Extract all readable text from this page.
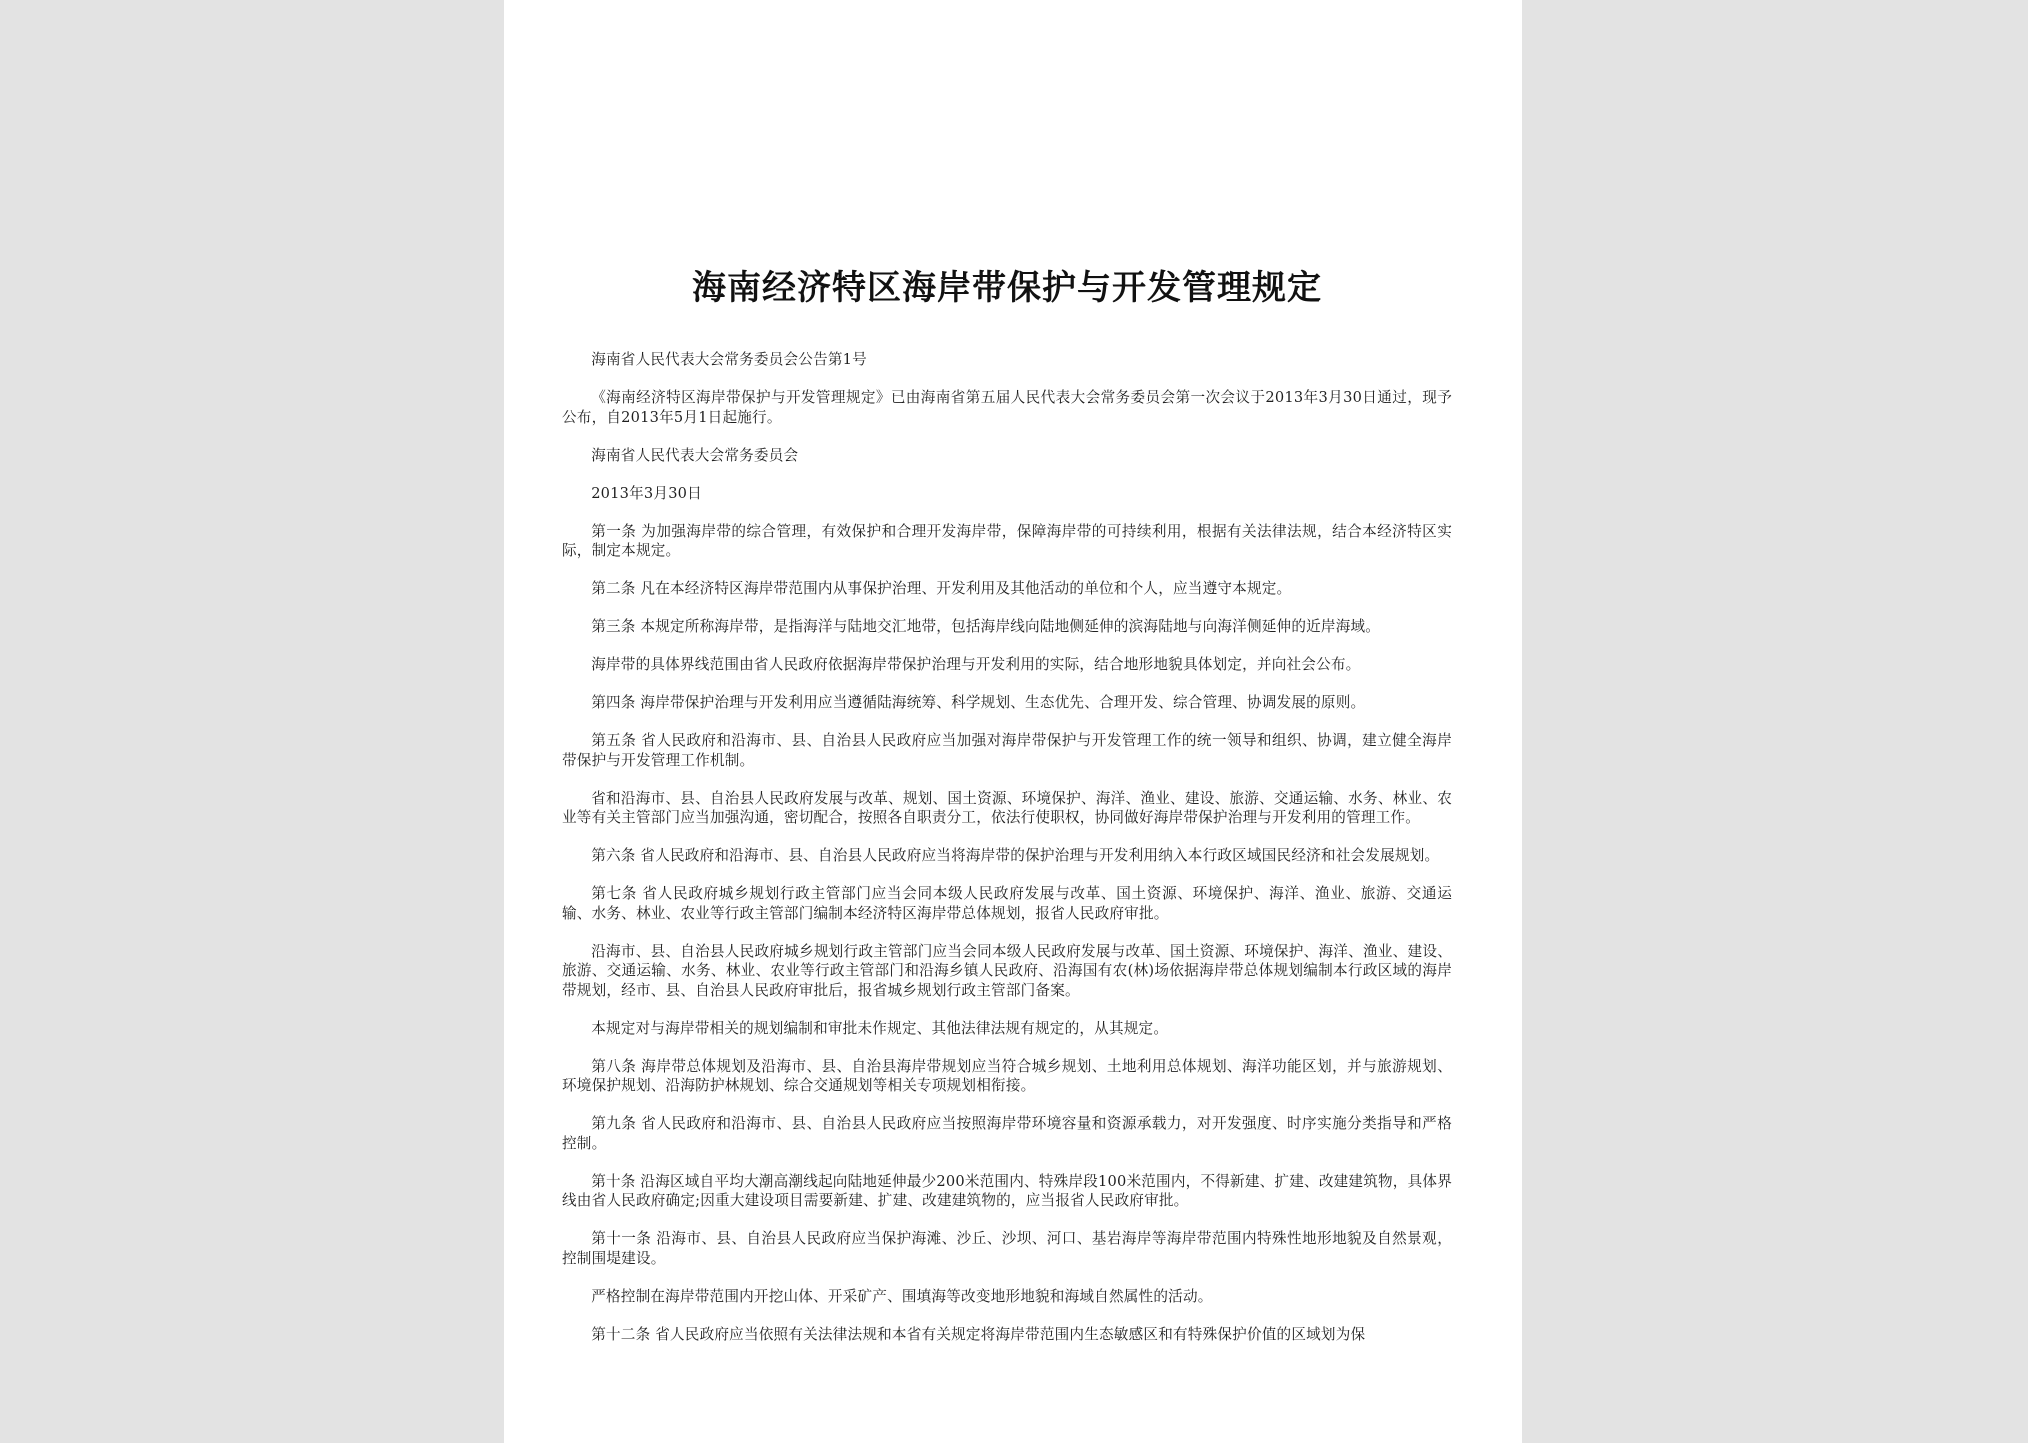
海南经济特区海岸带保护与开发管理规定

海南省人民代表大会常务委员会公告第1号

《海南经济特区海岸带保护与开发管理规定》已由海南省第五届人民代表大会常务委员会第一次会议于2013年3月30日通过，现予公布，自2013年5月1日起施行。

海南省人民代表大会常务委员会

2013年3月30日

第一条 为加强海岸带的综合管理，有效保护和合理开发海岸带，保障海岸带的可持续利用，根据有关法律法规，结合本经济特区实际，制定本规定。

第二条 凡在本经济特区海岸带范围内从事保护治理、开发利用及其他活动的单位和个人，应当遵守本规定。

第三条 本规定所称海岸带，是指海洋与陆地交汇地带，包括海岸线向陆地侧延伸的滨海陆地与向海洋侧延伸的近岸海域。

海岸带的具体界线范围由省人民政府依据海岸带保护治理与开发利用的实际，结合地形地貌具体划定，并向社会公布。

第四条 海岸带保护治理与开发利用应当遵循陆海统筹、科学规划、生态优先、合理开发、综合管理、协调发展的原则。

第五条 省人民政府和沿海市、县、自治县人民政府应当加强对海岸带保护与开发管理工作的统一领导和组织、协调，建立健全海岸带保护与开发管理工作机制。

省和沿海市、县、自治县人民政府发展与改革、规划、国土资源、环境保护、海洋、渔业、建设、旅游、交通运输、水务、林业、农业等有关主管部门应当加强沟通，密切配合，按照各自职责分工，依法行使职权，协同做好海岸带保护治理与开发利用的管理工作。

第六条 省人民政府和沿海市、县、自治县人民政府应当将海岸带的保护治理与开发利用纳入本行政区域国民经济和社会发展规划。

第七条 省人民政府城乡规划行政主管部门应当会同本级人民政府发展与改革、国土资源、环境保护、海洋、渔业、旅游、交通运输、水务、林业、农业等行政主管部门编制本经济特区海岸带总体规划，报省人民政府审批。

沿海市、县、自治县人民政府城乡规划行政主管部门应当会同本级人民政府发展与改革、国土资源、环境保护、海洋、渔业、建设、旅游、交通运输、水务、林业、农业等行政主管部门和沿海乡镇人民政府、沿海国有农(林)场依据海岸带总体规划编制本行政区域的海岸带规划，经市、县、自治县人民政府审批后，报省城乡规划行政主管部门备案。

本规定对与海岸带相关的规划编制和审批未作规定、其他法律法规有规定的，从其规定。

第八条 海岸带总体规划及沿海市、县、自治县海岸带规划应当符合城乡规划、土地利用总体规划、海洋功能区划，并与旅游规划、环境保护规划、沿海防护林规划、综合交通规划等相关专项规划相衔接。

第九条 省人民政府和沿海市、县、自治县人民政府应当按照海岸带环境容量和资源承载力，对开发强度、时序实施分类指导和严格控制。

第十条 沿海区域自平均大潮高潮线起向陆地延伸最少200米范围内、特殊岸段100米范围内，不得新建、扩建、改建建筑物，具体界线由省人民政府确定;因重大建设项目需要新建、扩建、改建建筑物的，应当报省人民政府审批。

第十一条 沿海市、县、自治县人民政府应当保护海滩、沙丘、沙坝、河口、基岩海岸等海岸带范围内特殊性地形地貌及自然景观，控制围堤建设。

严格控制在海岸带范围内开挖山体、开采矿产、围填海等改变地形地貌和海域自然属性的活动。

第十二条 省人民政府应当依照有关法律法规和本省有关规定将海岸带范围内生态敏感区和有特殊保护价值的区域划为保
